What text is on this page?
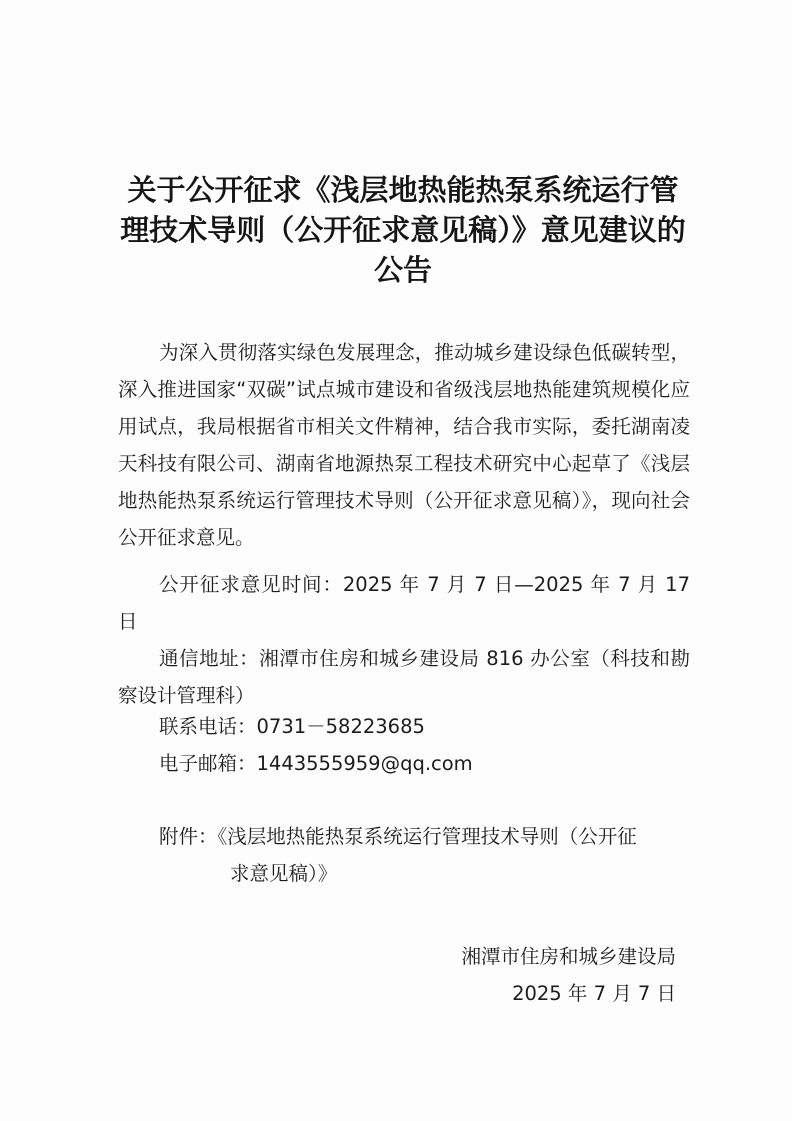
关于公开征求《浅层地热能热泵系统运行管理技术导则（公开征求意见稿）》意见建议的公告
为深入贯彻落实绿色发展理念，推动城乡建设绿色低碳转型，深入推进国家“双碳”试点城市建设和省级浅层地热能建筑规模化应用试点，我局根据省市相关文件精神，结合我市实际，委托湖南凌天科技有限公司、湖南省地源热泵工程技术研究中心起草了《浅层地热能热泵系统运行管理技术导则（公开征求意见稿）》，现向社会公开征求意见。
公开征求意见时间：2025 年 7 月 7 日—2025 年 7 月 17 日
通信地址：湘潭市住房和城乡建设局 816 办公室（科技和勘察设计管理科）
联系电话：0731－58223685
电子邮箱：1443555959@qq.com
附件：《浅层地热能热泵系统运行管理技术导则（公开征
求意见稿）》
湘潭市住房和城乡建设局
2025 年 7 月 7 日
